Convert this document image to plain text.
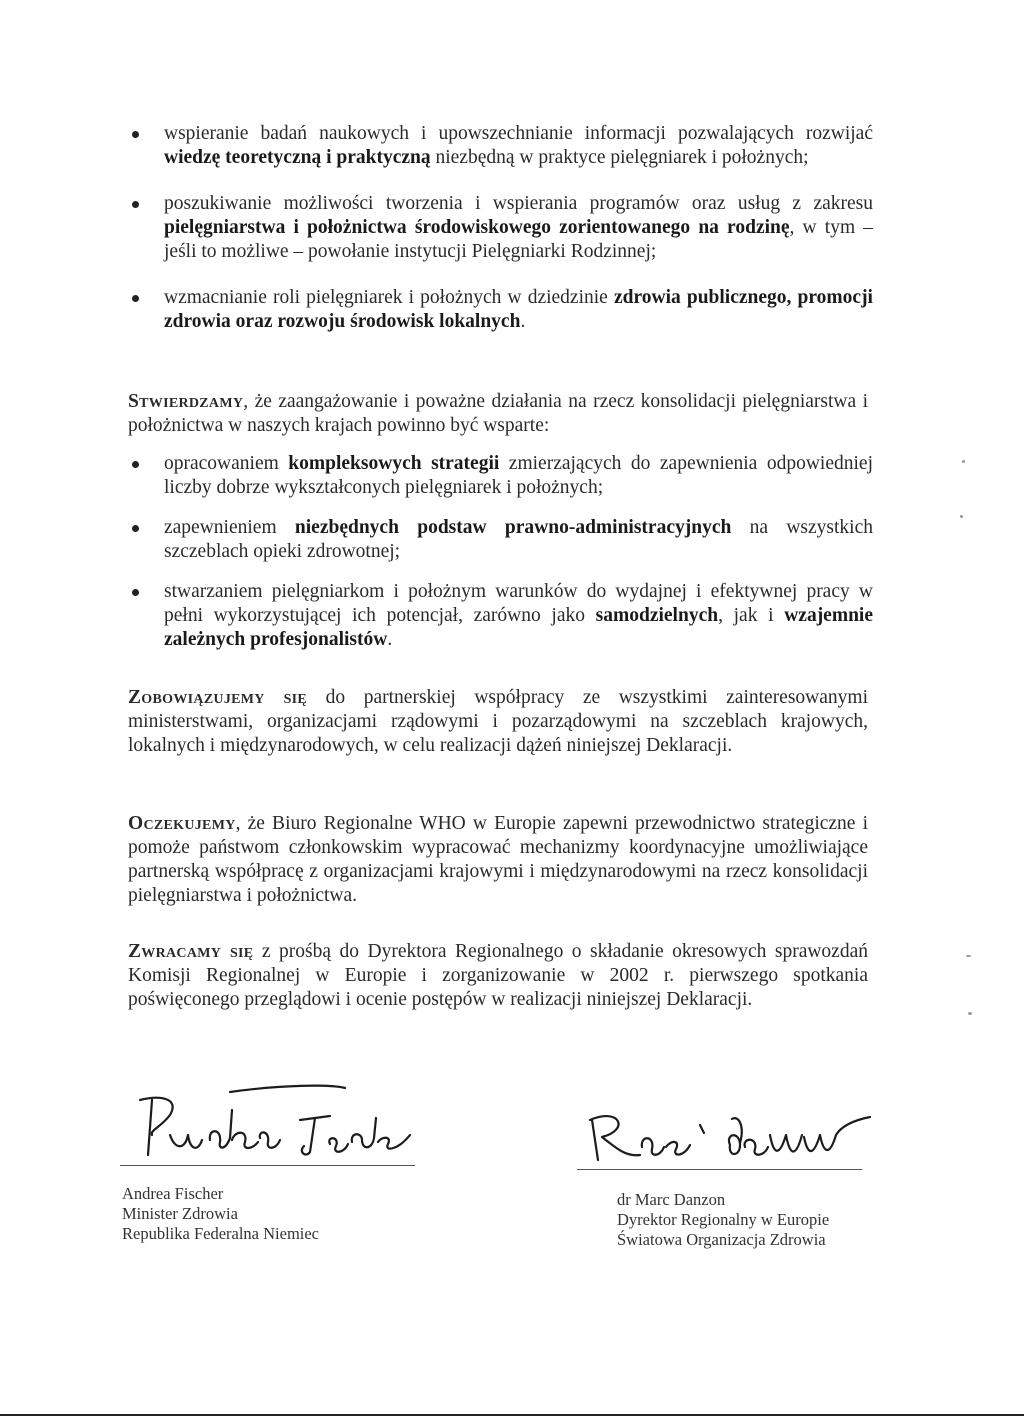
wspieranie badań naukowych i upowszechnianie informacji pozwalających rozwijać wiedzę teoretyczną i praktyczną niezbędną w praktyce pielęgniarek i położnych;
poszukiwanie możliwości tworzenia i wspierania programów oraz usług z zakresu pielęgniarstwa i położnictwa środowiskowego zorientowanego na rodzinę, w tym – jeśli to możliwe – powołanie instytucji Pielęgniarki Rodzinnej;
wzmacnianie roli pielęgniarek i położnych w dziedzinie zdrowia publicznego, promocji zdrowia oraz rozwoju środowisk lokalnych.

Stwierdzamy, że zaangażowanie i poważne działania na rzecz konsolidacji pielęgniarstwa i położnictwa w naszych krajach powinno być wsparte:

opracowaniem kompleksowych strategii zmierzających do zapewnienia odpowiedniej liczby dobrze wykształconych pielęgniarek i położnych;
zapewnieniem niezbędnych podstaw prawno-administracyjnych na wszystkich szczeblach opieki zdrowotnej;
stwarzaniem pielęgniarkom i położnym warunków do wydajnej i efektywnej pracy w pełni wykorzystującej ich potencjał, zarówno jako samodzielnych, jak i wzajemnie zależnych profesjonalistów.

Zobowiązujemy się do partnerskiej współpracy ze wszystkimi zainteresowanymi ministerstwami, organizacjami rządowymi i pozarządowymi na szczeblach krajowych, lokalnych i międzynarodowych, w celu realizacji dążeń niniejszej Deklaracji.

Oczekujemy, że Biuro Regionalne WHO w Europie zapewni przewodnictwo strategiczne i pomoże państwom członkowskim wypracować mechanizmy koordynacyjne umożliwiające partnerską współpracę z organizacjami krajowymi i międzynarodowymi na rzecz konsolidacji pielęgniarstwa i położnictwa.

Zwracamy się z prośbą do Dyrektora Regionalnego o składanie okresowych sprawozdań Komisji Regionalnej w Europie i zorganizowanie w 2002 r. pierwszego spotkania poświęconego przeglądowi i ocenie postępów w realizacji niniejszej Deklaracji.

Andrea Fischer
Minister Zdrowia
Republika Federalna Niemiec
dr Marc Danzon
Dyrektor Regionalny w Europie
Światowa Organizacja Zdrowia
